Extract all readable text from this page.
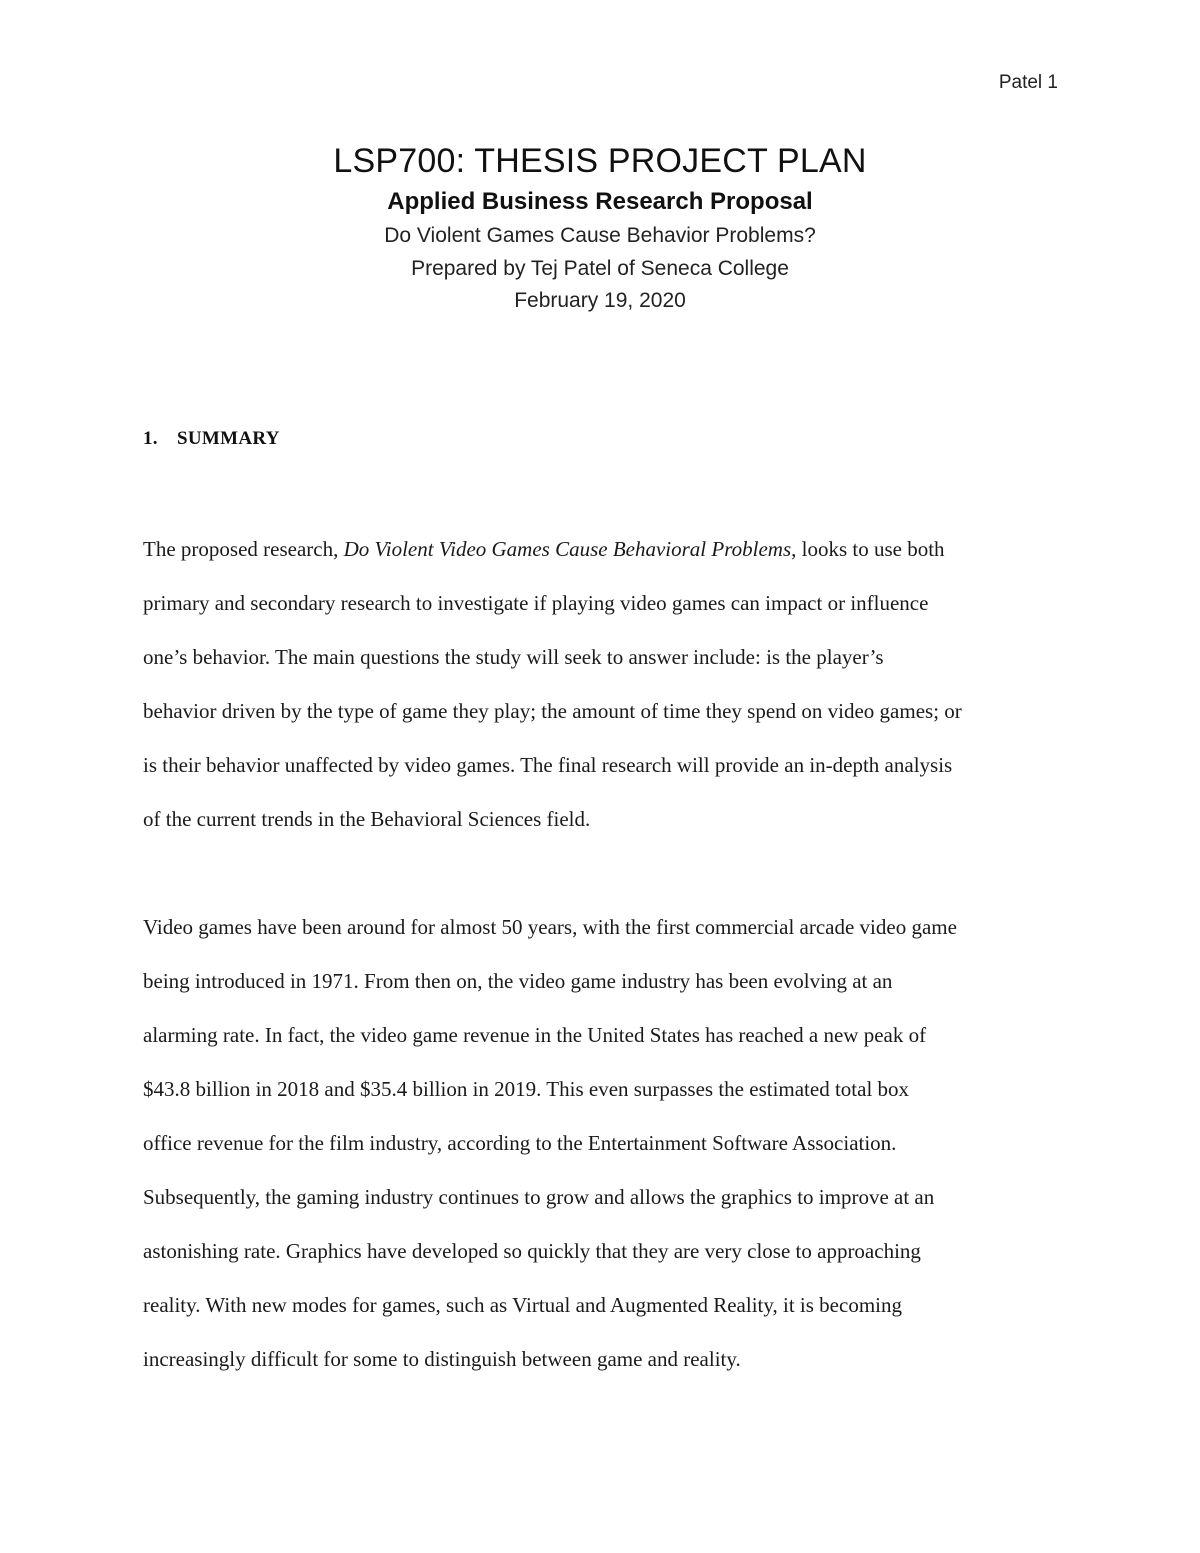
Patel 1

LSP700: THESIS PROJECT PLAN

Applied Business Research Proposal

Do Violent Games Cause Behavior Problems?

Prepared by Tej Patel of Seneca College

February 19, 2020

1. SUMMARY
The proposed research, Do Violent Video Games Cause Behavioral Problems, looks to use both
primary and secondary research to investigate if playing video games can impact or influence
one’s behavior. The main questions the study will seek to answer include: is the player’s
behavior driven by the type of game they play; the amount of time they spend on video games; or
is their behavior unaffected by video games. The final research will provide an in-depth analysis
of the current trends in the Behavioral Sciences field.
Video games have been around for almost 50 years, with the first commercial arcade video game
being introduced in 1971. From then on, the video game industry has been evolving at an
alarming rate. In fact, the video game revenue in the United States has reached a new peak of
$43.8 billion in 2018 and $35.4 billion in 2019. This even surpasses the estimated total box
office revenue for the film industry, according to the Entertainment Software Association.
Subsequently, the gaming industry continues to grow and allows the graphics to improve at an
astonishing rate. Graphics have developed so quickly that they are very close to approaching
reality. With new modes for games, such as Virtual and Augmented Reality, it is becoming
increasingly difficult for some to distinguish between game and reality.
